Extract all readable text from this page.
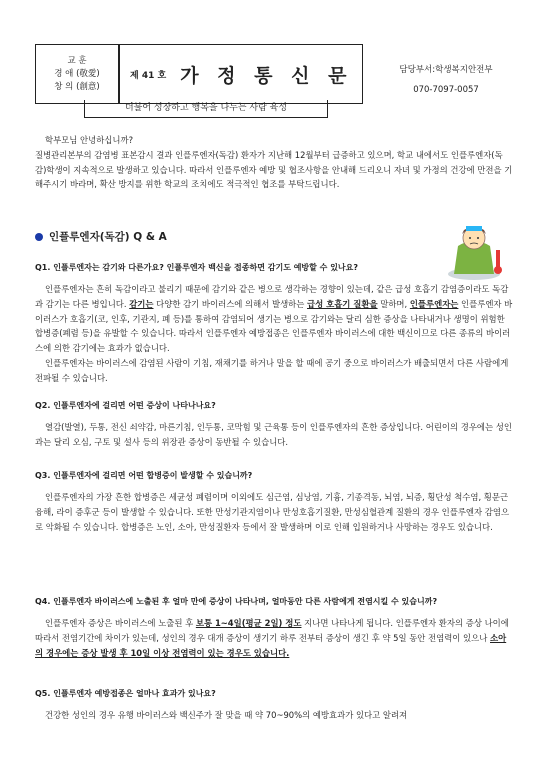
교 훈
경 애 (敬愛)
창 의 (創意)
제 41 호 가 정 통 신 문	담당부서:학생복지안전부
070-7097-0057
더불어 성장하고 행복을 나누는 사람 육성
학부모님 안녕하십니까?
질병관리본부의 감염병 표본감시 결과 인플루엔자(독감) 환자가 지난해 12월부터 급증하고 있으며, 학교 내에서도 인플루엔자(독감)학생이 지속적으로 발생하고 있습니다. 따라서 인플루엔자 예방 및 협조사항을 안내해 드리오니 자녀 및 가정의 건강에 만전을 기해주시기 바라며, 확산 방지를 위한 학교의 조치에도 적극적인 협조를 부탁드립니다.
인플루엔자(독감) Q & A
Q1. 인플루엔자는 감기와 다른가요? 인플루엔자 백신을 접종하면 감기도 예방할 수 있나요?
인플루엔자는 흔히 독감이라고 불리기 때문에 감기와 같은 병으로 생각하는 경향이 있는데, 같은 급성 호흡기 감염증이라도 독감과 감기는 다른 병입니다. 감기는 다양한 감기 바이러스에 의해서 발생하는 급성 호흡기 질환을 말하며, 인플루엔자는 인플루엔자 바이러스가 호흡기(코, 인후, 기관지, 폐 등)를 통하여 감염되어 생기는 병으로 감기와는 달리 심한 증상을 나타내거나 생명이 위험한 합병증(폐렴 등)을 유발할 수 있습니다. 따라서 인플루엔자 예방접종은 인플루엔자 바이러스에 대한 백신이므로 다른 종류의 바이러스에 의한 감기에는 효과가 없습니다.
인플루엔자는 바이러스에 감염된 사람이 기침, 재채기를 하거나 말을 할 때에 공기 중으로 바이러스가 배출되면서 다른 사람에게 전파될 수 있습니다.
Q2. 인플루엔자에 걸리면 어떤 증상이 나타나나요?
열감(발열), 두통, 전신 쇠약감, 마른기침, 인두통, 코막힘 및 근육통 등이 인플루엔자의 흔한 증상입니다. 어린이의 경우에는 성인과는 달리 오심, 구토 및 설사 등의 위장관 증상이 동반될 수 있습니다.
Q3. 인플루엔자에 걸리면 어떤 합병증이 발생할 수 있습니까?
인플루엔자의 가장 흔한 합병증은 세균성 폐렴이며 이외에도 심근염, 심낭염, 기흉, 기종격동, 뇌염, 뇌증, 횡단성 척수염, 횡문근 융해, 라이 증후군 등이 발생할 수 있습니다. 또한 만성기관지염이나 만성호흡기질환, 만성심혈관계 질환의 경우 인플루엔자 감염으로 악화될 수 있습니다. 합병증은 노인, 소아, 만성질환자 등에서 잘 발생하며 이로 인해 입원하거나 사망하는 경우도 있습니다.
Q4. 인플루엔자 바이러스에 노출된 후 얼마 만에 증상이 나타나며, 얼마동안 다른 사람에게 전염시킬 수 있습니까?
인플루엔자 증상은 바이러스에 노출된 후 보통 1~4일(평균 2일) 정도 지나면 나타나게 됩니다. 인플루엔자 환자의 증상 나이에 따라서 전염기간에 차이가 있는데, 성인의 경우 대개 증상이 생기기 하루 전부터 증상이 생긴 후 약 5일 동안 전염력이 있으나 소아의 경우에는 증상 발생 후 10일 이상 전염력이 있는 경우도 있습니다.
Q5. 인플루엔자 예방접종은 얼마나 효과가 있나요?
건강한 성인의 경우 유행 바이러스와 백신주가 잘 맞을 때 약 70~90%의 예방효과가 있다고 알려져
